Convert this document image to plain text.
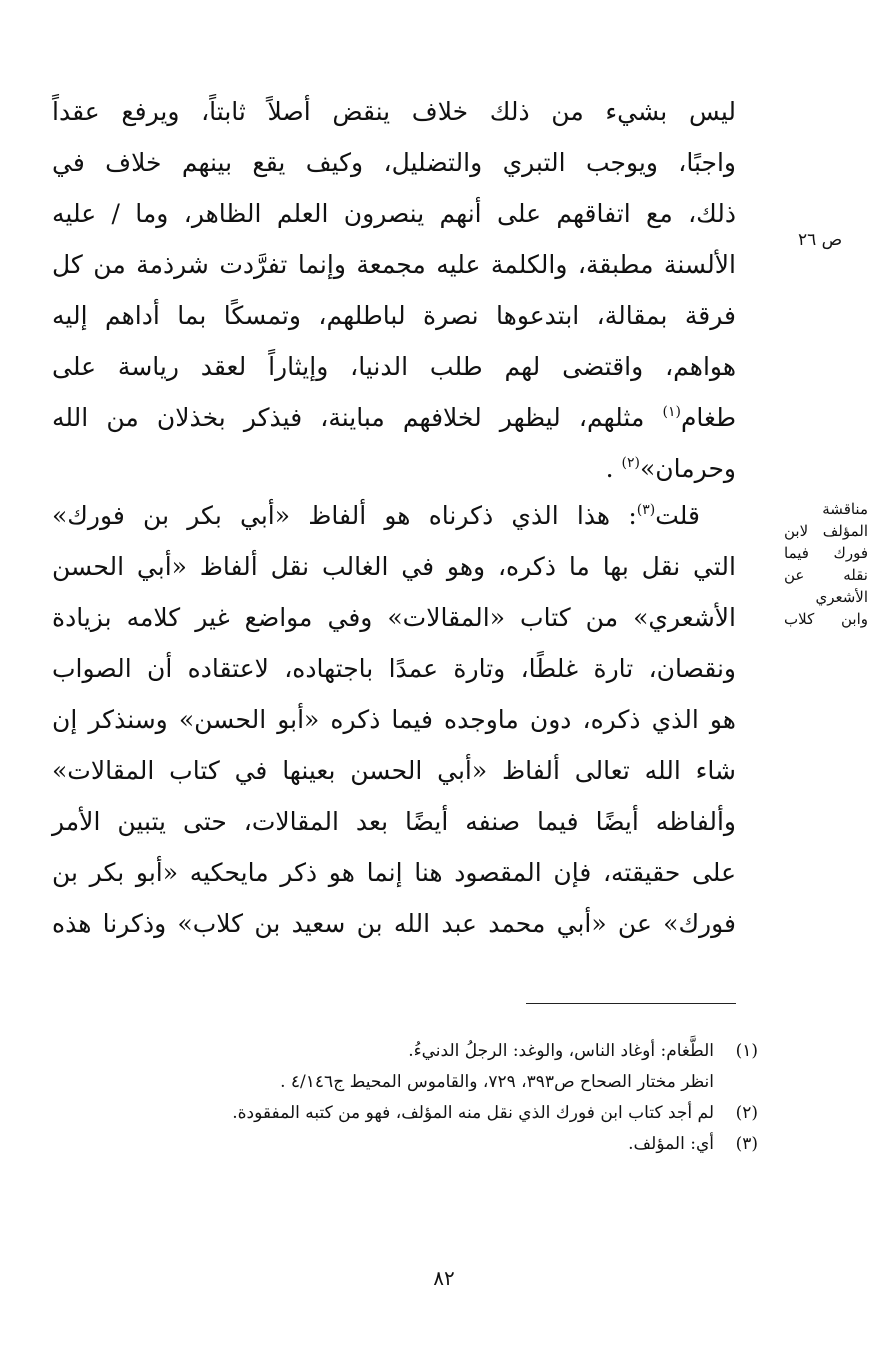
ليس بشيء من ذلك خلاف ينقض أصلاً ثابتاً، ويرفع عقداً
واجبًا، ويوجب التبري والتضليل، وكيف يقع بينهم خلاف في
ذلك، مع اتفاقهم على أنهم ينصرون العلم الظاهر، وما / عليه
الألسنة مطبقة، والكلمة عليه مجمعة وإنما تفرَّدت شرذمة من كل
فرقة بمقالة، ابتدعوها نصرة لباطلهم، وتمسكًا بما أداهم إليه
هواهم، واقتضى لهم طلب الدنيا، وإيثاراً لعقد رياسة على
طغام$^{(١)}$ مثلهم، ليظهر لخلافهم مباينة، فيذكر بخذلان من الله
وحرمان»$^{(٢)}$ .
قلت$^{(٣)}$: هذا الذي ذكرناه هو ألفاظ «أبي بكر بن فورك»
التي نقل بها ما ذكره، وهو في الغالب نقل ألفاظ «أبي الحسن
الأشعري» من كتاب «المقالات» وفي مواضع غير كلامه بزيادة
ونقصان، تارة غلطًا، وتارة عمدًا باجتهاده، لاعتقاده أن الصواب
هو الذي ذكره، دون ماوجده فيما ذكره «أبو الحسن» وسنذكر إن
شاء الله تعالى ألفاظ «أبي الحسن بعينها في كتاب المقالات»
وألفاظه أيضًا فيما صنفه أيضًا بعد المقالات، حتى يتبين الأمر
على حقيقته، فإن المقصود هنا إنما هو ذكر مايحكيه «أبو بكر بن
فورك» عن «أبي محمد عبد الله بن سعيد بن كلاب» وذكرنا هذه
ص ٢٦
مناقشة
المؤلف لابن
فورك فيما
نقله عن
الأشعري
وابن كلاب
(١)
الطَّغام: أوغاد الناس، والوغد: الرجلُ الدنيءُ.
انظر مختار الصحاح ص٣٩٣، ٧٢٩، والقاموس المحيط ج٤/١٤٦ .
(٢)
لم أجد كتاب ابن فورك الذي نقل منه المؤلف، فهو من كتبه المفقودة.
(٣)
أي: المؤلف.
٨٢
